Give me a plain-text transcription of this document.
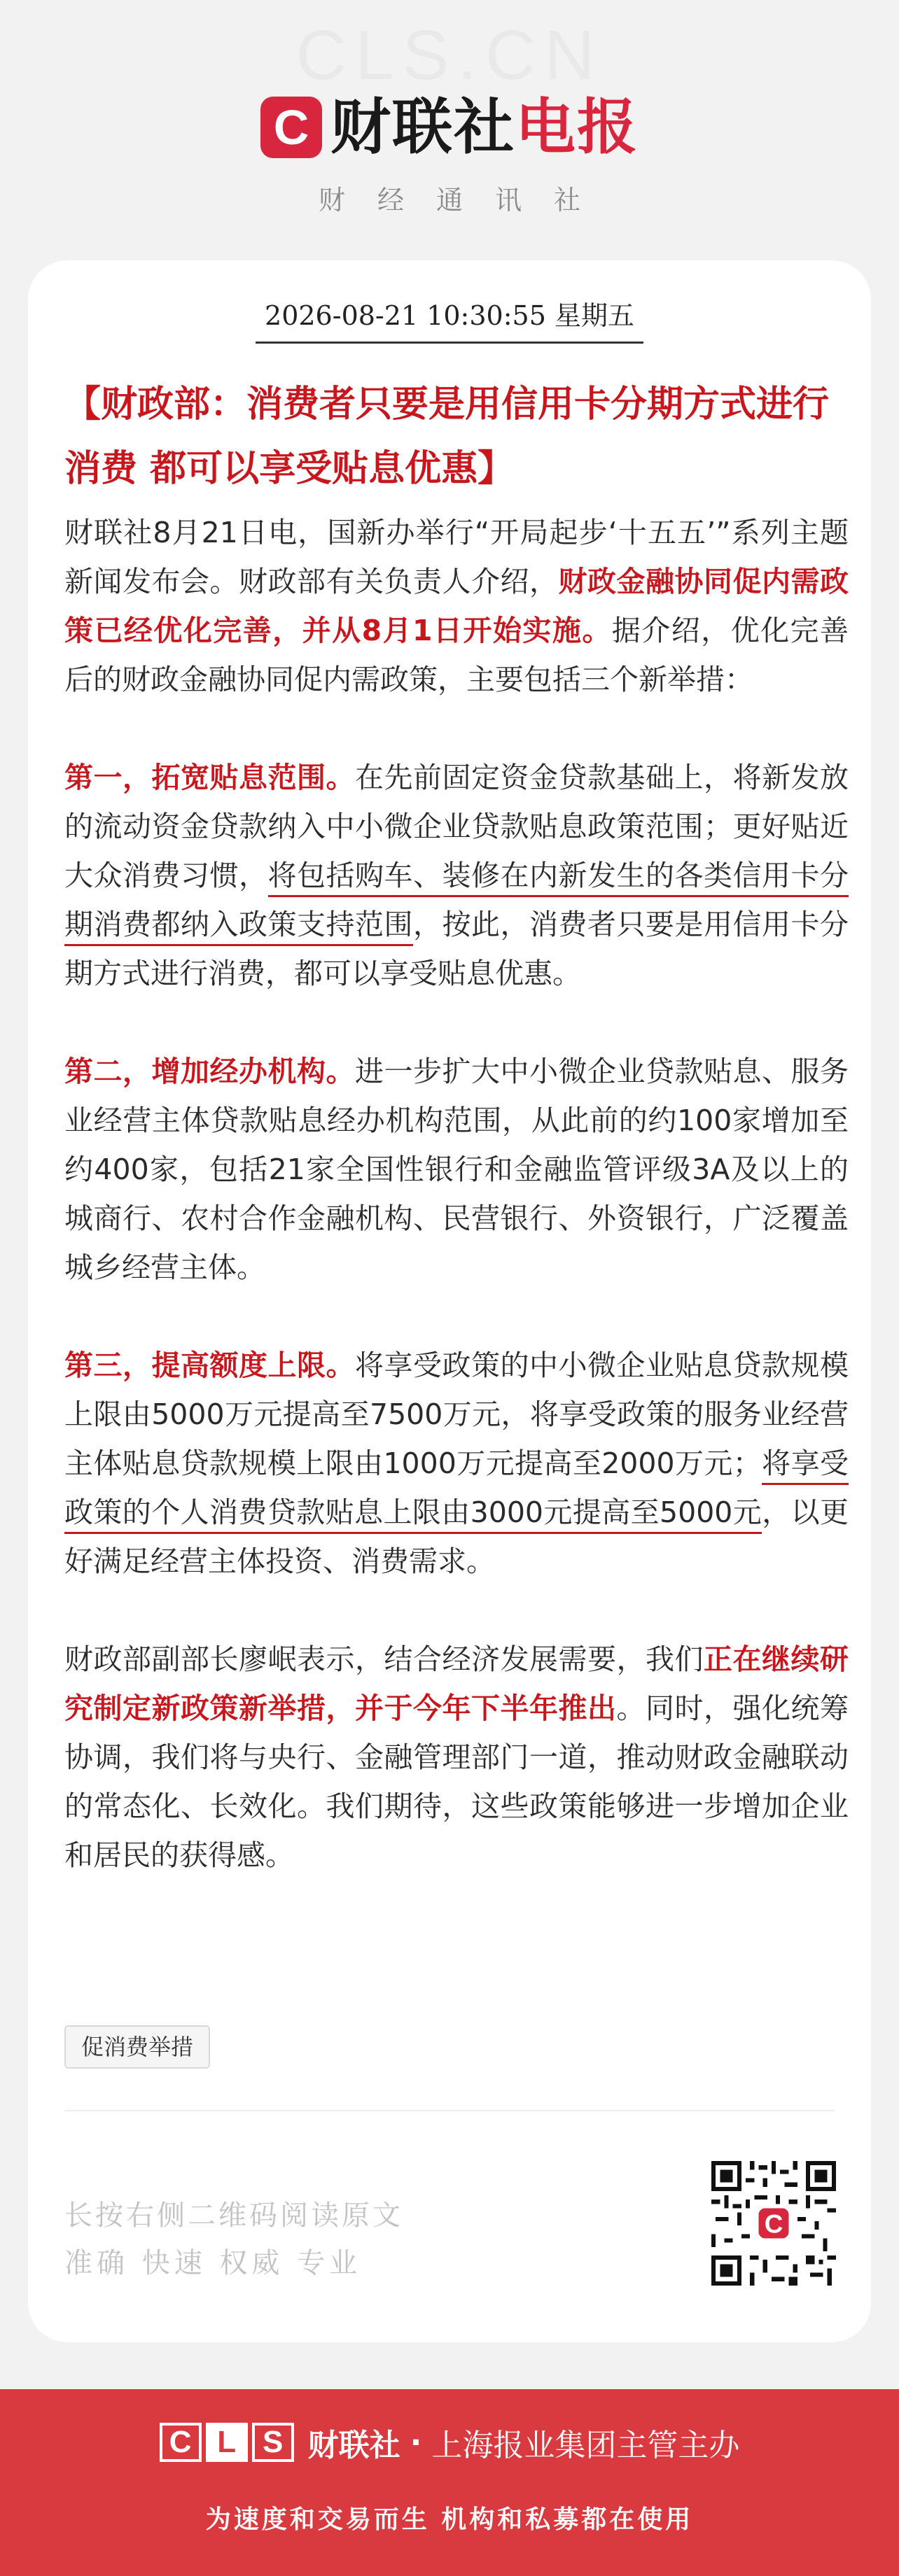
CLS.CN
C 财联社电报
财经通讯社
2026-08-21 10:30:55 星期五
【财政部：消费者只要是用信用卡分期方式进行消费 都可以享受贴息优惠】

财联社8月21日电，国新办举行“开局起步‘十五五’”系列主题新闻发布会。财政部有关负责人介绍，财政金融协同促内需政策已经优化完善，并从8月1日开始实施。据介绍，优化完善后的财政金融协同促内需政策，主要包括三个新举措：

第一，拓宽贴息范围。在先前固定资金贷款基础上，将新发放的流动资金贷款纳入中小微企业贷款贴息政策范围；更好贴近大众消费习惯，将包括购车、装修在内新发生的各类信用卡分期消费都纳入政策支持范围，按此，消费者只要是用信用卡分期方式进行消费，都可以享受贴息优惠。

第二，增加经办机构。进一步扩大中小微企业贷款贴息、服务业经营主体贷款贴息经办机构范围，从此前的约100家增加至约400家，包括21家全国性银行和金融监管评级3A及以上的城商行、农村合作金融机构、民营银行、外资银行，广泛覆盖城乡经营主体。

第三，提高额度上限。将享受政策的中小微企业贴息贷款规模上限由5000万元提高至7500万元，将享受政策的服务业经营主体贴息贷款规模上限由1000万元提高至2000万元；将享受政策的个人消费贷款贴息上限由3000元提高至5000元，以更好满足经营主体投资、消费需求。

财政部副部长廖岷表示，结合经济发展需要，我们正在继续研究制定新政策新举措，并于今年下半年推出。同时，强化统筹协调，我们将与央行、金融管理部门一道，推动财政金融联动的常态化、长效化。我们期待，这些政策能够进一步增加企业和居民的获得感。

促消费举措
长按右侧二维码阅读原文
准确 快速 权威 专业
C
C L S 财联社 · 上海报业集团主管主办
为速度和交易而生 机构和私募都在使用
